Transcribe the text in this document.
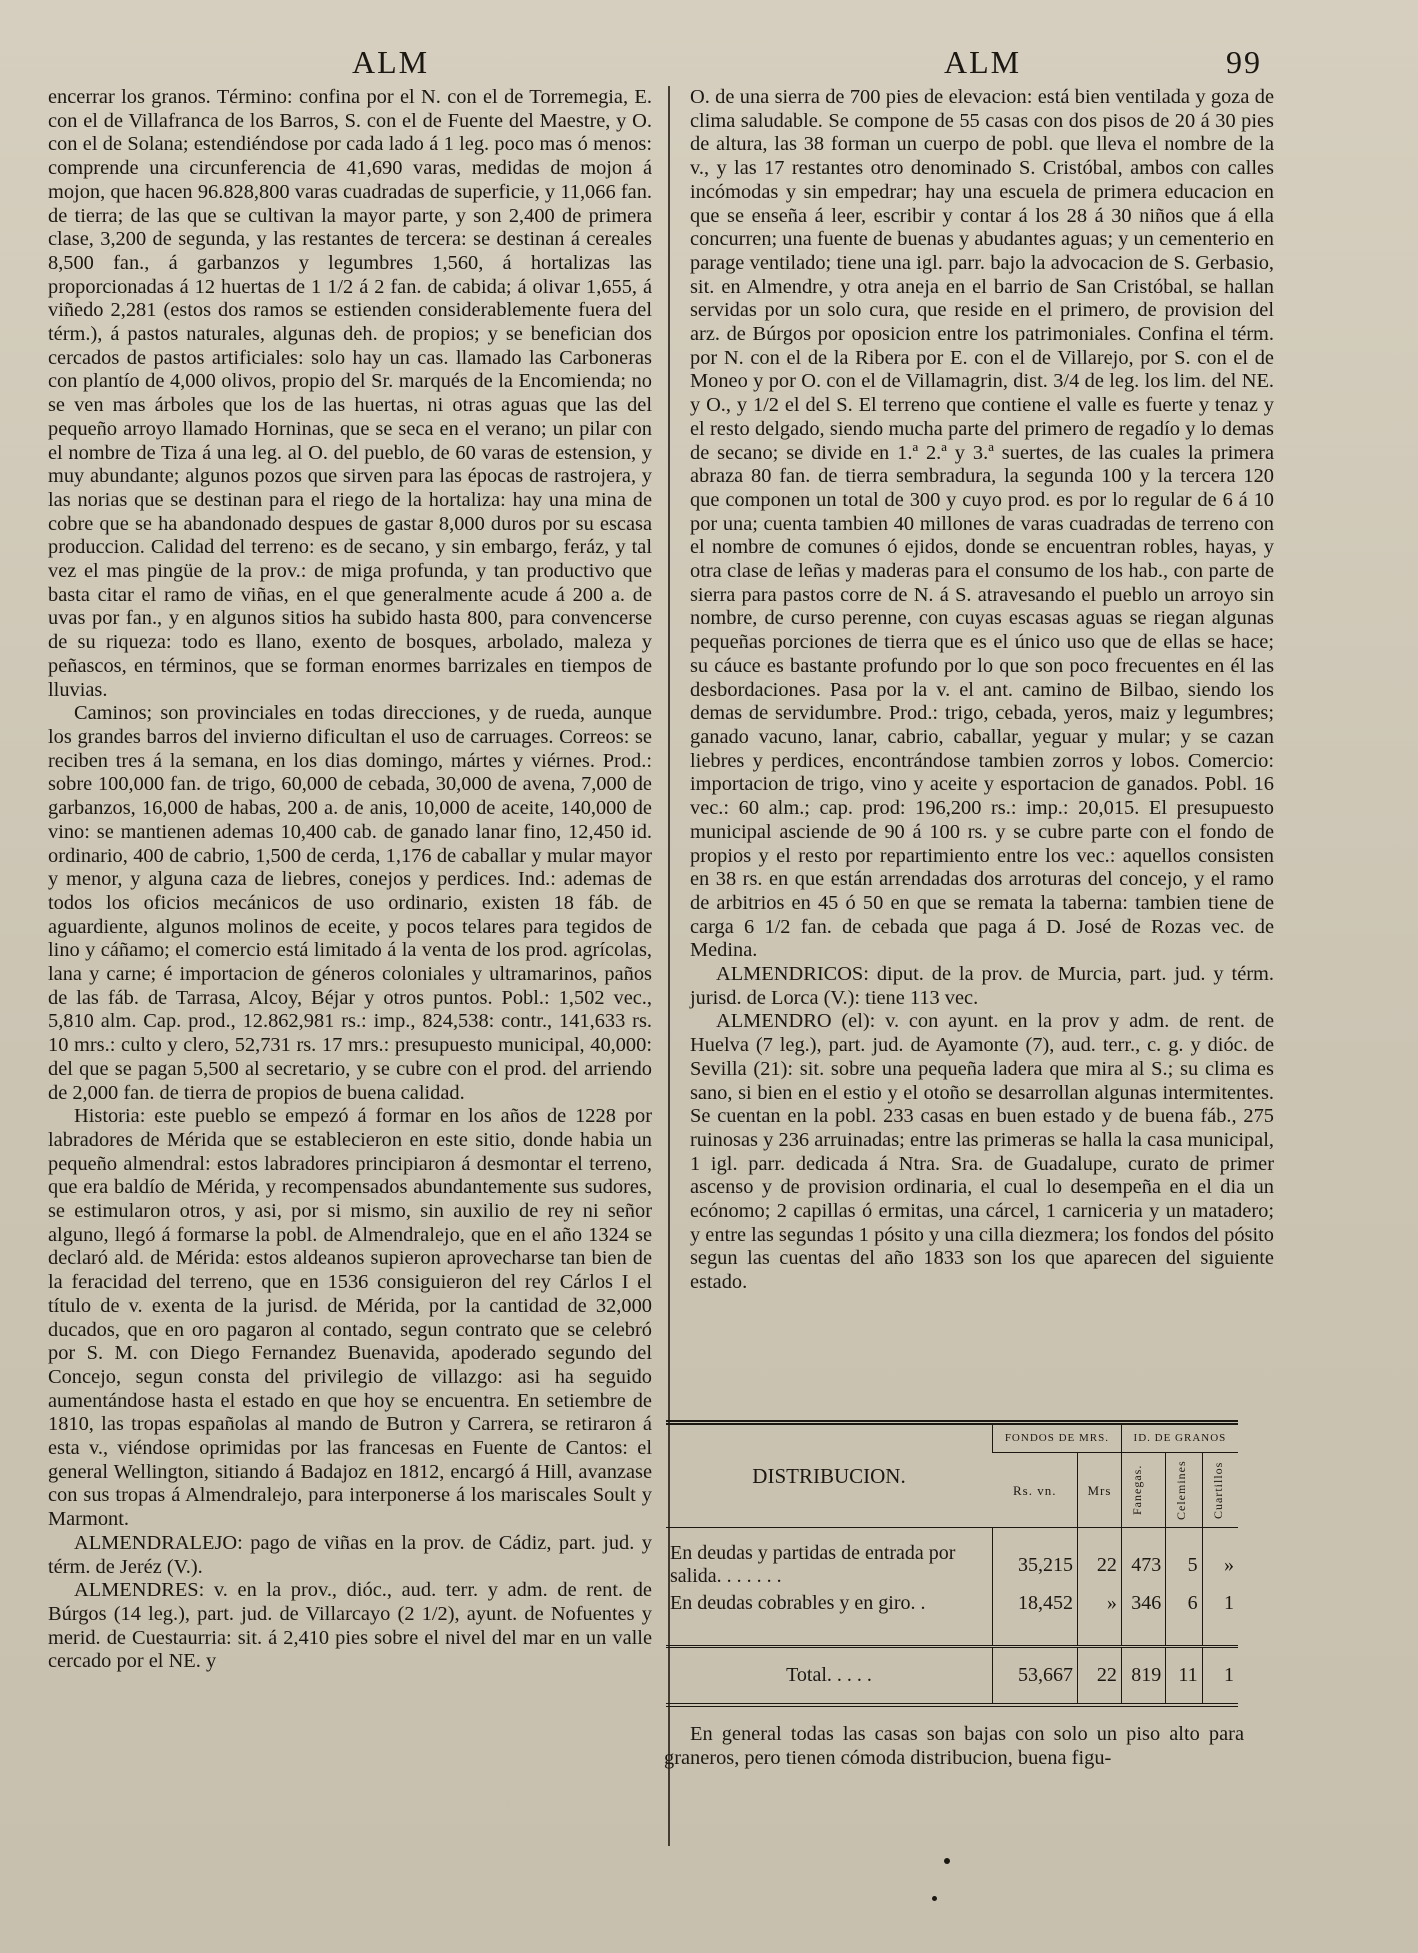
ALM	ALM	99

encerrar los granos. Término: confina por el N. con el de Torremegia, E. con el de Villafranca de los Barros, S. con el de Fuente del Maestre, y O. con el de Solana; estendiéndose por cada lado á 1 leg. poco mas ó menos: comprende una circunferencia de 41,690 varas, medidas de mojon á mojon, que hacen 96.828,800 varas cuadradas de superficie, y 11,066 fan. de tierra; de las que se cultivan la mayor parte, y son 2,400 de primera clase, 3,200 de segunda, y las restantes de tercera: se destinan á cereales 8,500 fan., á garbanzos y legumbres 1,560, á hortalizas las proporcionadas á 12 huertas de 1 1/2 á 2 fan. de cabida; á olivar 1,655, á viñedo 2,281 (estos dos ramos se estienden considerablemente fuera del térm.), á pastos naturales, algunas deh. de propios; y se benefician dos cercados de pastos artificiales: solo hay un cas. llamado las Carboneras con plantío de 4,000 olivos, propio del Sr. marqués de la Encomienda; no se ven mas árboles que los de las huertas, ni otras aguas que las del pequeño arroyo llamado Horninas, que se seca en el verano; un pilar con el nombre de Tiza á una leg. al O. del pueblo, de 60 varas de estension, y muy abundante; algunos pozos que sirven para las épocas de rastrojera, y las norias que se destinan para el riego de la hortaliza: hay una mina de cobre que se ha abandonado despues de gastar 8,000 duros por su escasa produccion. Calidad del terreno: es de secano, y sin embargo, feráz, y tal vez el mas pingüe de la prov.: de miga profunda, y tan productivo que basta citar el ramo de viñas, en el que generalmente acude á 200 a. de uvas por fan., y en algunos sitios ha subido hasta 800, para convencerse de su riqueza: todo es llano, exento de bosques, arbolado, maleza y peñascos, en términos, que se forman enormes barrizales en tiempos de lluvias.

Caminos; son provinciales en todas direcciones, y de rueda, aunque los grandes barros del invierno dificultan el uso de carruages. Correos: se reciben tres á la semana, en los dias domingo, mártes y viérnes. Prod.: sobre 100,000 fan. de trigo, 60,000 de cebada, 30,000 de avena, 7,000 de garbanzos, 16,000 de habas, 200 a. de anis, 10,000 de aceite, 140,000 de vino: se mantienen ademas 10,400 cab. de ganado lanar fino, 12,450 id. ordinario, 400 de cabrio, 1,500 de cerda, 1,176 de caballar y mular mayor y menor, y alguna caza de liebres, conejos y perdices. Ind.: ademas de todos los oficios mecánicos de uso ordinario, existen 18 fáb. de aguardiente, algunos molinos de eceite, y pocos telares para tegidos de lino y cáñamo; el comercio está limitado á la venta de los prod. agrícolas, lana y carne; é importacion de géneros coloniales y ultramarinos, paños de las fáb. de Tarrasa, Alcoy, Béjar y otros puntos. Pobl.: 1,502 vec., 5,810 alm. Cap. prod., 12.862,981 rs.: imp., 824,538: contr., 141,633 rs. 10 mrs.: culto y clero, 52,731 rs. 17 mrs.: presupuesto municipal, 40,000: del que se pagan 5,500 al secretario, y se cubre con el prod. del arriendo de 2,000 fan. de tierra de propios de buena calidad.

Historia: este pueblo se empezó á formar en los años de 1228 por labradores de Mérida que se establecieron en este sitio, donde habia un pequeño almendral: estos labradores principiaron á desmontar el terreno, que era baldío de Mérida, y recompensados abundantemente sus sudores, se estimularon otros, y asi, por si mismo, sin auxilio de rey ni señor alguno, llegó á formarse la pobl. de Almendralejo, que en el año 1324 se declaró ald. de Mérida: estos aldeanos supieron aprovecharse tan bien de la feracidad del terreno, que en 1536 consiguieron del rey Cárlos I el título de v. exenta de la jurisd. de Mérida, por la cantidad de 32,000 ducados, que en oro pagaron al contado, segun contrato que se celebró por S. M. con Diego Fernandez Buenavida, apoderado segundo del Concejo, segun consta del privilegio de villazgo: asi ha seguido aumentándose hasta el estado en que hoy se encuentra. En setiembre de 1810, las tropas españolas al mando de Butron y Carrera, se retiraron á esta v., viéndose oprimidas por las francesas en Fuente de Cantos: el general Wellington, sitiando á Badajoz en 1812, encargó á Hill, avanzase con sus tropas á Almendralejo, para interponerse á los mariscales Soult y Marmont.

ALMENDRALEJO: pago de viñas en la prov. de Cádiz, part. jud. y térm. de Jeréz (V.).

ALMENDRES: v. en la prov., dióc., aud. terr. y adm. de rent. de Búrgos (14 leg.), part. jud. de Villarcayo (2 1/2), ayunt. de Nofuentes y merid. de Cuestaurria: sit. á 2,410 pies sobre el nivel del mar en un valle cercado por el NE. y

O. de una sierra de 700 pies de elevacion: está bien ventilada y goza de clima saludable. Se compone de 55 casas con dos pisos de 20 á 30 pies de altura, las 38 forman un cuerpo de pobl. que lleva el nombre de la v., y las 17 restantes otro denominado S. Cristóbal, ambos con calles incómodas y sin empedrar; hay una escuela de primera educacion en que se enseña á leer, escribir y contar á los 28 á 30 niños que á ella concurren; una fuente de buenas y abudantes aguas; y un cementerio en parage ventilado; tiene una igl. parr. bajo la advocacion de S. Gerbasio, sit. en Almendre, y otra aneja en el barrio de San Cristóbal, se hallan servidas por un solo cura, que reside en el primero, de provision del arz. de Búrgos por oposicion entre los patrimoniales. Confina el térm. por N. con el de la Ribera por E. con el de Villarejo, por S. con el de Moneo y por O. con el de Villamagrin, dist. 3/4 de leg. los lim. del NE. y O., y 1/2 el del S. El terreno que contiene el valle es fuerte y tenaz y el resto delgado, siendo mucha parte del primero de regadío y lo demas de secano; se divide en 1.ª 2.ª y 3.ª suertes, de las cuales la primera abraza 80 fan. de tierra sembradura, la segunda 100 y la tercera 120 que componen un total de 300 y cuyo prod. es por lo regular de 6 á 10 por una; cuenta tambien 40 millones de varas cuadradas de terreno con el nombre de comunes ó ejidos, donde se encuentran robles, hayas, y otra clase de leñas y maderas para el consumo de los hab., con parte de sierra para pastos corre de N. á S. atravesando el pueblo un arroyo sin nombre, de curso perenne, con cuyas escasas aguas se riegan algunas pequeñas porciones de tierra que es el único uso que de ellas se hace; su cáuce es bastante profundo por lo que son poco frecuentes en él las desbordaciones. Pasa por la v. el ant. camino de Bilbao, siendo los demas de servidumbre. Prod.: trigo, cebada, yeros, maiz y legumbres; ganado vacuno, lanar, cabrio, caballar, yeguar y mular; y se cazan liebres y perdices, encontrándose tambien zorros y lobos. Comercio: importacion de trigo, vino y aceite y esportacion de ganados. Pobl. 16 vec.: 60 alm.; cap. prod: 196,200 rs.: imp.: 20,015. El presupuesto municipal asciende de 90 á 100 rs. y se cubre parte con el fondo de propios y el resto por repartimiento entre los vec.: aquellos consisten en 38 rs. en que están arrendadas dos arroturas del concejo, y el ramo de arbitrios en 45 ó 50 en que se remata la taberna: tambien tiene de carga 6 1/2 fan. de cebada que paga á D. José de Rozas vec. de Medina.

ALMENDRICOS: diput. de la prov. de Murcia, part. jud. y térm. jurisd. de Lorca (V.): tiene 113 vec.

ALMENDRO (el): v. con ayunt. en la prov y adm. de rent. de Huelva (7 leg.), part. jud. de Ayamonte (7), aud. terr., c. g. y dióc. de Sevilla (21): sit. sobre una pequeña ladera que mira al S.; su clima es sano, si bien en el estio y el otoño se desarrollan algunas intermitentes. Se cuentan en la pobl. 233 casas en buen estado y de buena fáb., 275 ruinosas y 236 arruinadas; entre las primeras se halla la casa municipal, 1 igl. parr. dedicada á Ntra. Sra. de Guadalupe, curato de primer ascenso y de provision ordinaria, el cual lo desempeña en el dia un ecónomo; 2 capillas ó ermitas, una cárcel, 1 carniceria y un matadero; y entre las segundas 1 pósito y una cilla diezmera; los fondos del pósito segun las cuentas del año 1833 son los que aparecen del siguiente estado.

DISTRIBUCION.	FONDOS DE MRS.		ID. DE GRANOS		
	Rs. vn.	Mrs	Fanegas.	Celemines	Cuartillos

En deudas y partidas de entrada por salida. . . . . . .	35,215	22	473	5	»
En deudas cobrables y en giro. .	18,452	»	346	6	1
Total. . . . .	53,667	22	819	11	1
En general todas las casas son bajas con solo un piso alto para graneros, pero tienen cómoda distribucion, buena figu-
